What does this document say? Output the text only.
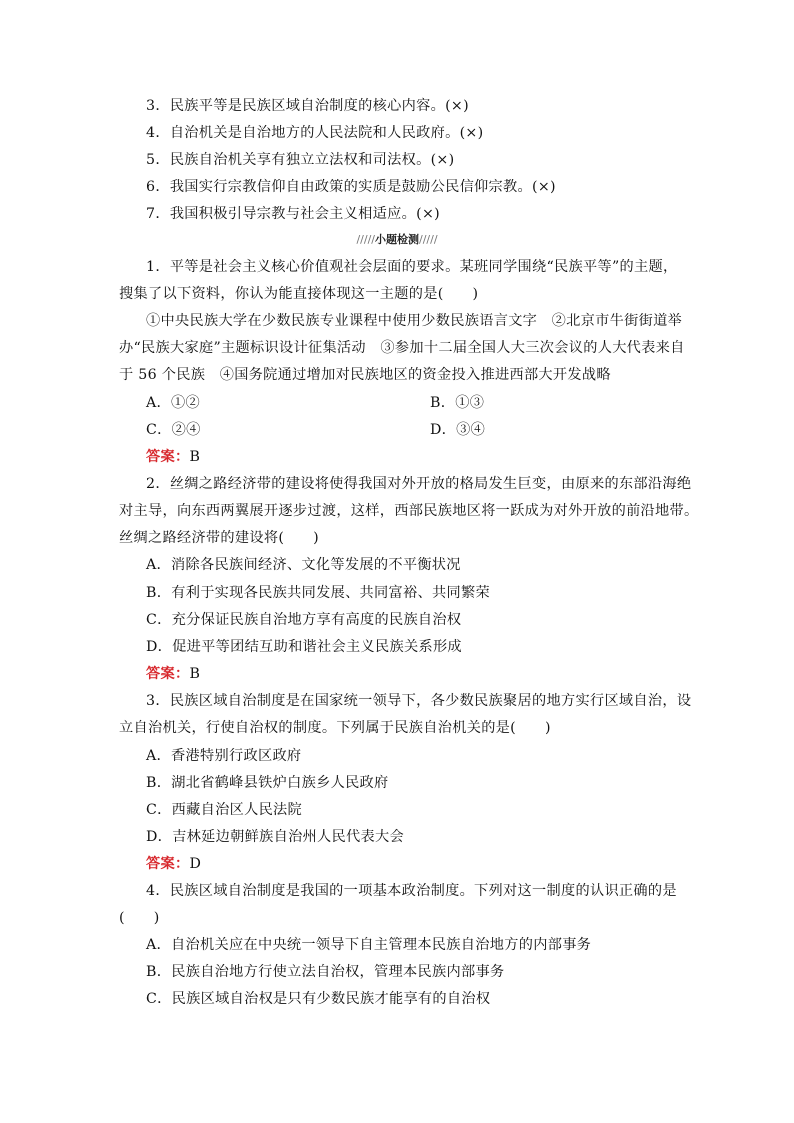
3．民族平等是民族区域自治制度的核心内容。(×)
4．自治机关是自治地方的人民法院和人民政府。(×)
5．民族自治机关享有独立立法权和司法权。(×)
6．我国实行宗教信仰自由政策的实质是鼓励公民信仰宗教。(×)
7．我国积极引导宗教与社会主义相适应。(×)
/////小题检测/////
1．平等是社会主义核心价值观社会层面的要求。某班同学围绕“民族平等”的主题，
搜集了以下资料，你认为能直接体现这一主题的是(　　)
①中央民族大学在少数民族专业课程中使用少数民族语言文字　②北京市牛街街道举
办“民族大家庭”主题标识设计征集活动　③参加十二届全国人大三次会议的人大代表来自
于 56 个民族　④国务院通过增加对民族地区的资金投入推进西部大开发战略
A．①②	B．①③
C．②④	D．③④
答案：B
2．丝绸之路经济带的建设将使得我国对外开放的格局发生巨变，由原来的东部沿海绝
对主导，向东西两翼展开逐步过渡，这样，西部民族地区将一跃成为对外开放的前沿地带。
丝绸之路经济带的建设将(　　)
A．消除各民族间经济、文化等发展的不平衡状况
B．有利于实现各民族共同发展、共同富裕、共同繁荣
C．充分保证民族自治地方享有高度的民族自治权
D．促进平等团结互助和谐社会主义民族关系形成
答案：B
3．民族区域自治制度是在国家统一领导下，各少数民族聚居的地方实行区域自治，设
立自治机关，行使自治权的制度。下列属于民族自治机关的是(　　)
A．香港特别行政区政府
B．湖北省鹤峰县铁炉白族乡人民政府
C．西藏自治区人民法院
D．吉林延边朝鲜族自治州人民代表大会
答案：D
4．民族区域自治制度是我国的一项基本政治制度。下列对这一制度的认识正确的是
(　　)
A．自治机关应在中央统一领导下自主管理本民族自治地方的内部事务
B．民族自治地方行使立法自治权，管理本民族内部事务
C．民族区域自治权是只有少数民族才能享有的自治权
